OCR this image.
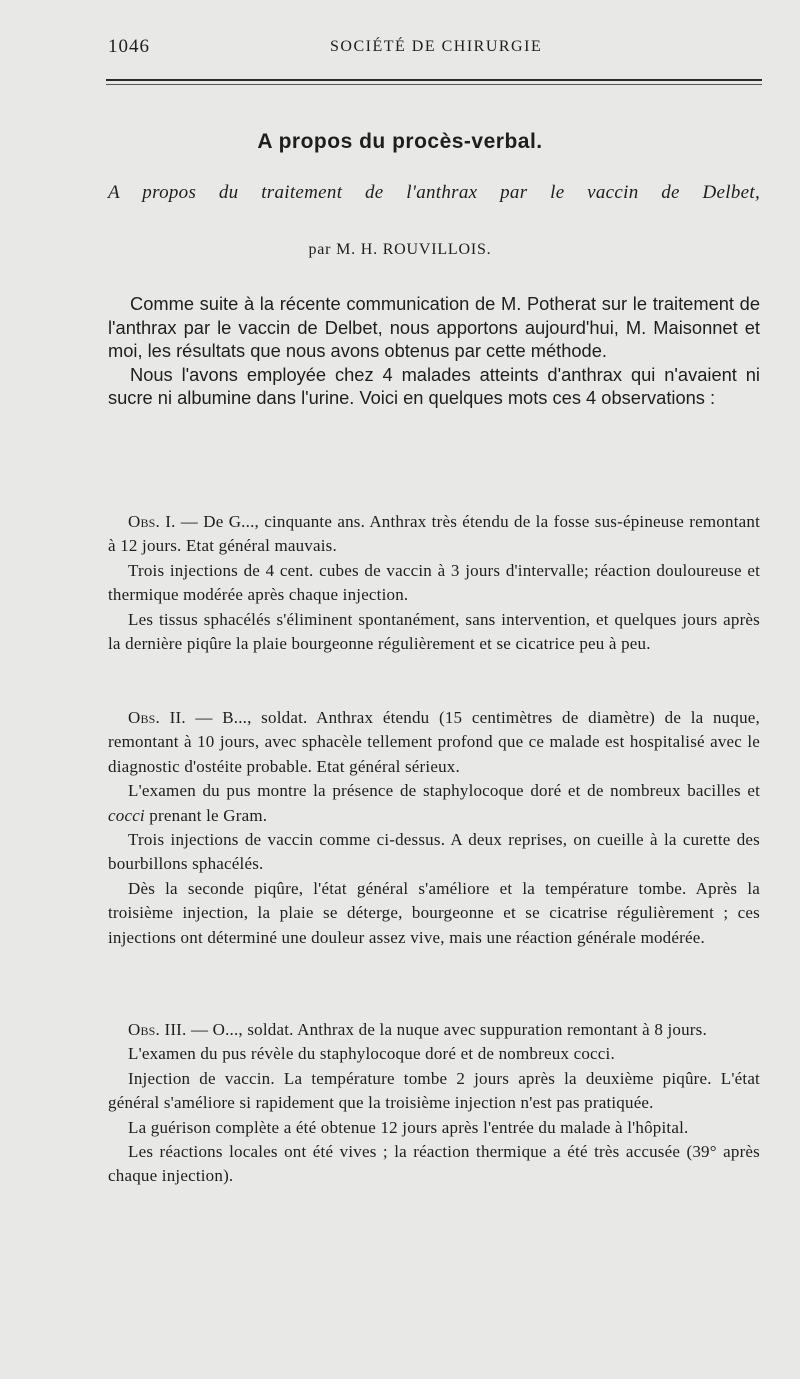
1046	SOCIÉTÉ DE CHIRURGIE
A propos du procès-verbal.
A propos du traitement de l'anthrax par le vaccin de Delbet,
par M. H. ROUVILLOIS.

Comme suite à la récente communication de M. Potherat sur le traitement de l'anthrax par le vaccin de Delbet, nous apportons aujourd'hui, M. Maisonnet et moi, les résultats que nous avons obtenus par cette méthode.

Nous l'avons employée chez 4 malades atteints d'anthrax qui n'avaient ni sucre ni albumine dans l'urine. Voici en quelques mots ces 4 observations :

Obs. I. — De G..., cinquante ans. Anthrax très étendu de la fosse sus-épineuse remontant à 12 jours. Etat général mauvais.

Trois injections de 4 cent. cubes de vaccin à 3 jours d'intervalle; réaction douloureuse et thermique modérée après chaque injection.

Les tissus sphacélés s'éliminent spontanément, sans intervention, et quelques jours après la dernière piqûre la plaie bourgeonne régulièrement et se cicatrice peu à peu.

Obs. II. — B..., soldat. Anthrax étendu (15 centimètres de diamètre) de la nuque, remontant à 10 jours, avec sphacèle tellement profond que ce malade est hospitalisé avec le diagnostic d'ostéite probable. Etat général sérieux.

L'examen du pus montre la présence de staphylocoque doré et de nombreux bacilles et cocci prenant le Gram.

Trois injections de vaccin comme ci-dessus. A deux reprises, on cueille à la curette des bourbillons sphacélés.

Dès la seconde piqûre, l'état général s'améliore et la température tombe. Après la troisième injection, la plaie se déterge, bourgeonne et se cicatrise régulièrement ; ces injections ont déterminé une douleur assez vive, mais une réaction générale modérée.

Obs. III. — O..., soldat. Anthrax de la nuque avec suppuration remontant à 8 jours.

L'examen du pus révèle du staphylocoque doré et de nombreux cocci.

Injection de vaccin. La température tombe 2 jours après la deuxième piqûre. L'état général s'améliore si rapidement que la troisième injection n'est pas pratiquée.

La guérison complète a été obtenue 12 jours après l'entrée du malade à l'hôpital.

Les réactions locales ont été vives ; la réaction thermique a été très accusée (39° après chaque injection).
